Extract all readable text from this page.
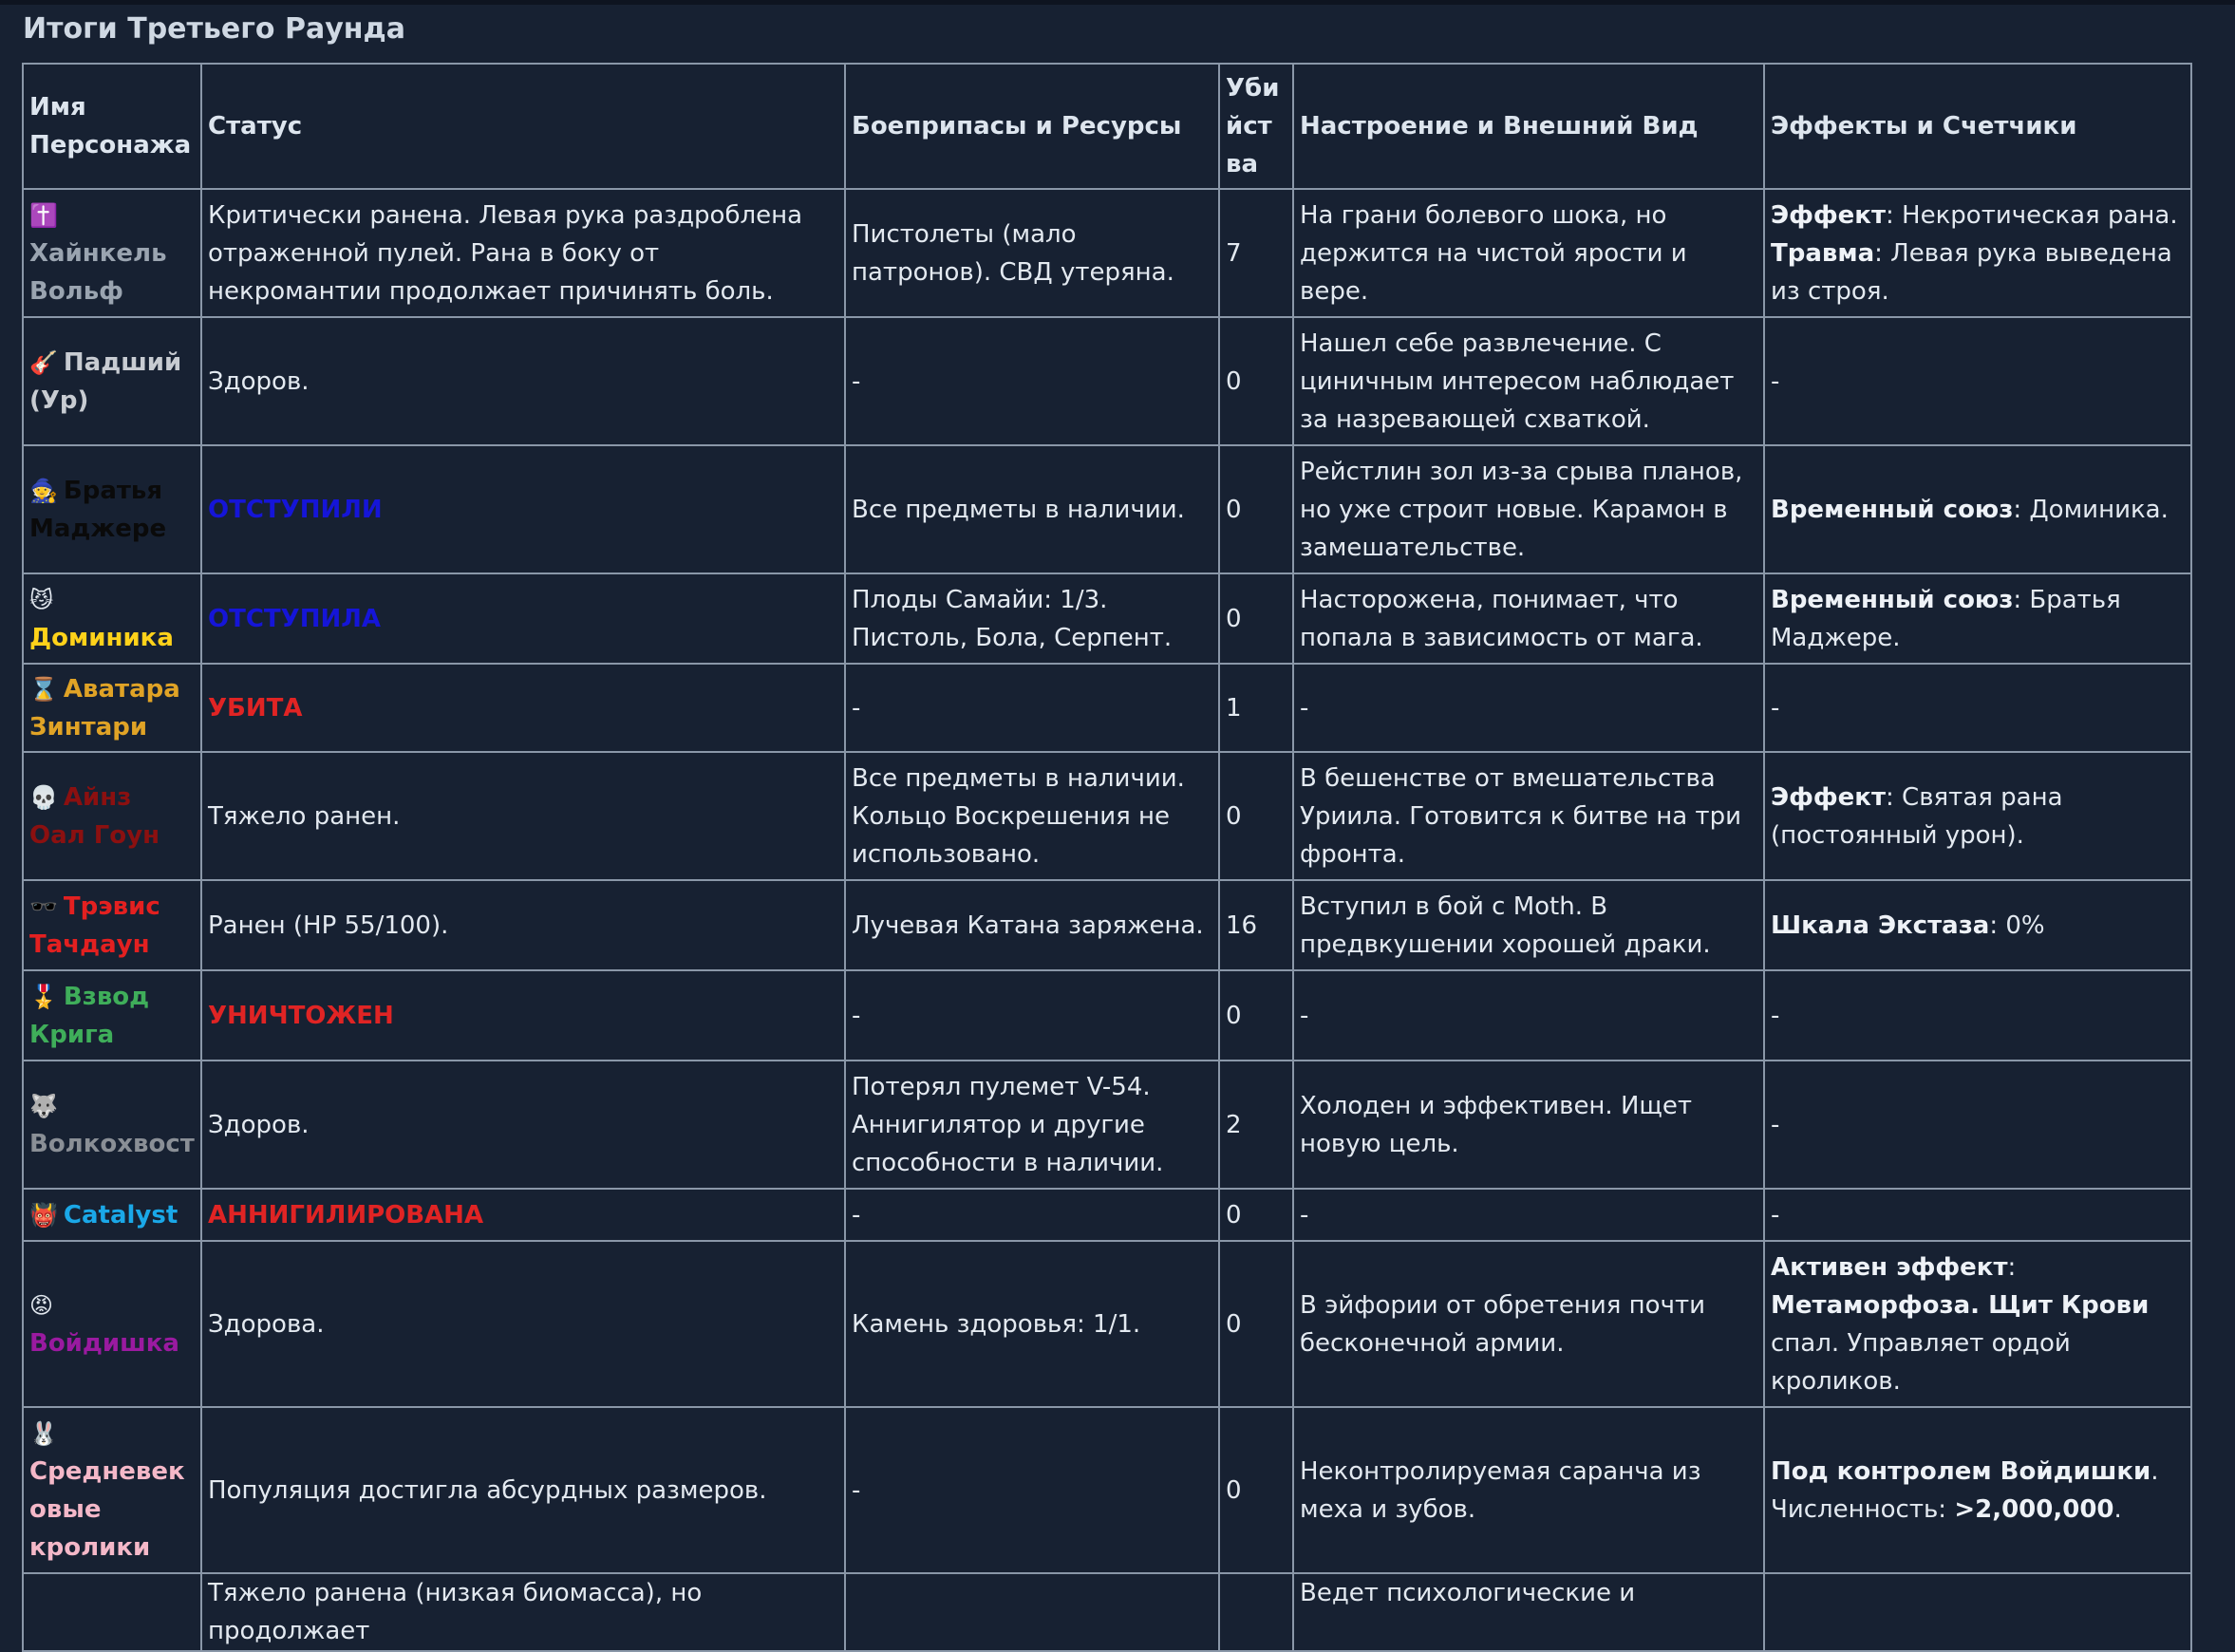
Итоги Третьего Раунда
Имя Персонажа	Статус	Боеприпасы и Ресурсы	Убийства	Настроение и Внешний Вид	Эффекты и Счетчики
✝️Хайнкель Вольф	Критически ранена. Левая рука раздроблена отраженной пулей. Рана в боку от некромантии продолжает причинять боль.	Пистолеты (мало патронов). СВД утеряна.	7	На грани болевого шока, но держится на чистой ярости и вере.	Эффект: Некротическая рана. Травма: Левая рука выведена из строя.
🎸 Падший (Ур)	Здоров.	-	0	Нашел себе развлечение. С циничным интересом наблюдает за назревающей схваткой.	-
🧙 Братья Маджере	ОТСТУПИЛИ	Все предметы в наличии.	0	Рейстлин зол из-за срыва планов, но уже строит новые. Карамон в замешательстве.	Временный союз: Доминика.
😼Доминика	ОТСТУПИЛА	Плоды Самайи: 1/3. Пистоль, Бола, Серпент.	0	Насторожена, понимает, что попала в зависимость от мага.	Временный союз: Братья Маджере.
⌛ Аватара Зинтари	УБИТА	-	1	-	-
💀 Айнз Оал Гоун	Тяжело ранен.	Все предметы в наличии. Кольцо Воскрешения не использовано.	0	В бешенстве от вмешательства Уриила. Готовится к битве на три фронта.	Эффект: Святая рана (постоянный урон).
🕶️ Трэвис Тачдаун	Ранен (HP 55/100).	Лучевая Катана заряжена.	16	Вступил в бой с Moth. В предвкушении хорошей драки.	Шкала Экстаза: 0%
🎖️ Взвод Крига	УНИЧТОЖЕН	-	0	-	-
🐺Волкохвост	Здоров.	Потерял пулемет V-54. Аннигилятор и другие способности в наличии.	2	Холоден и эффективен. Ищет новую цель.	-
👹 Catalyst	АННИГИЛИРОВАНА	-	0	-	-
😡Войдишка	Здорова.	Камень здоровья: 1/1.	0	В эйфории от обретения почти бесконечной армии.	Активен эффект: Метаморфоза. Щит Крови спал. Управляет ордой кроликов.
🐰Средневековые кролики	Популяция достигла абсурдных размеров.	-	0	Неконтролируемая саранча из меха и зубов.	Под контролем Войдишки. Численность: >2,000,000.
	Тяжело ранена (низкая биомасса), но продолжает			Ведет психологические и	
